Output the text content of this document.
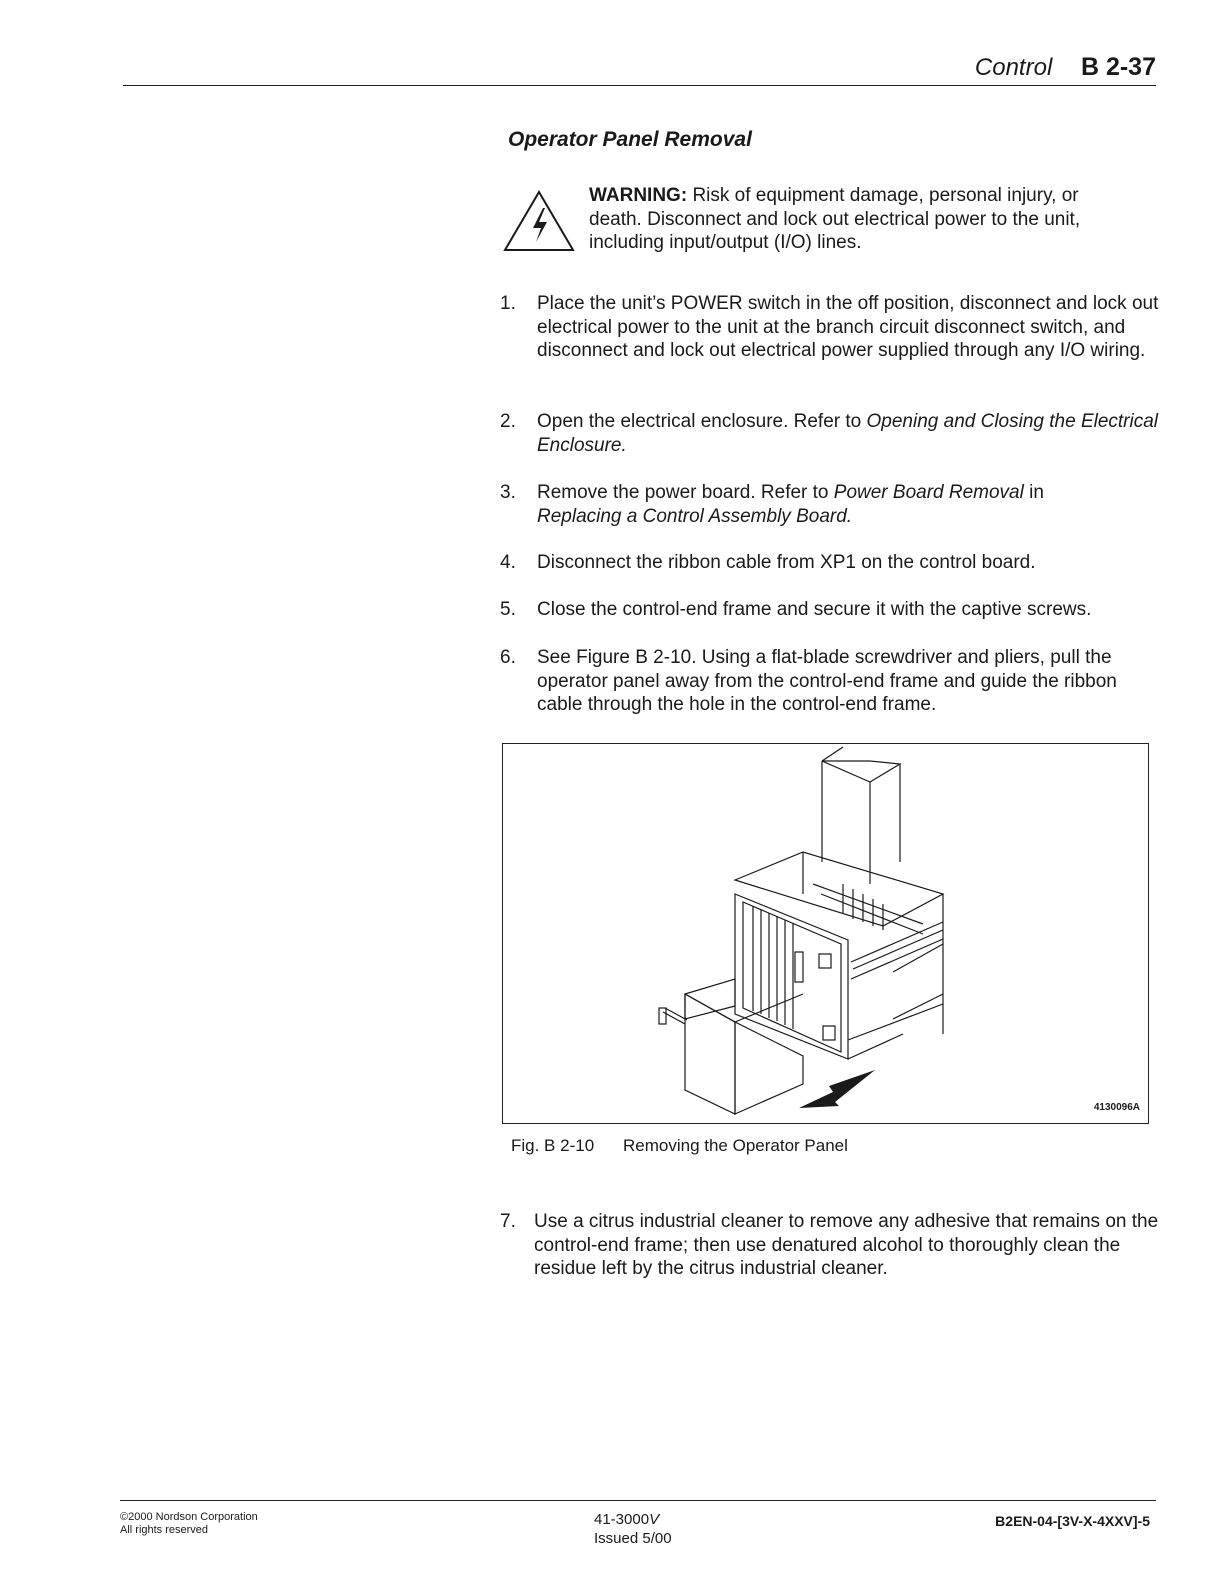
Control B 2-37
Operator Panel Removal
WARNING: Risk of equipment damage, personal injury, or death. Disconnect and lock out electrical power to the unit, including input/output (I/O) lines.
1.	Place the unit’s POWER switch in the off position, disconnect and lock out electrical power to the unit at the branch circuit disconnect switch, and disconnect and lock out electrical power supplied through any I/O wiring.
2.	Open the electrical enclosure. Refer to Opening and Closing the Electrical Enclosure.
3.	Remove the power board. Refer to Power Board Removal in
Replacing a Control Assembly Board.
4.	Disconnect the ribbon cable from XP1 on the control board.
5.	Close the control-end frame and secure it with the captive screws.
6.	See Figure B 2-10. Using a flat-blade screwdriver and pliers, pull the operator panel away from the control-end frame and guide the ribbon cable through the hole in the control-end frame.
4130096A
Fig. B 2-10 Removing the Operator Panel
7. Use a citrus industrial cleaner to remove any adhesive that remains on the control-end frame; then use denatured alcohol to thoroughly clean the residue left by the citrus industrial cleaner.
©2000 Nordson Corporation
All rights reserved
41-3000V
Issued 5/00
B2EN-04-[3V-X-4XXV]-5
